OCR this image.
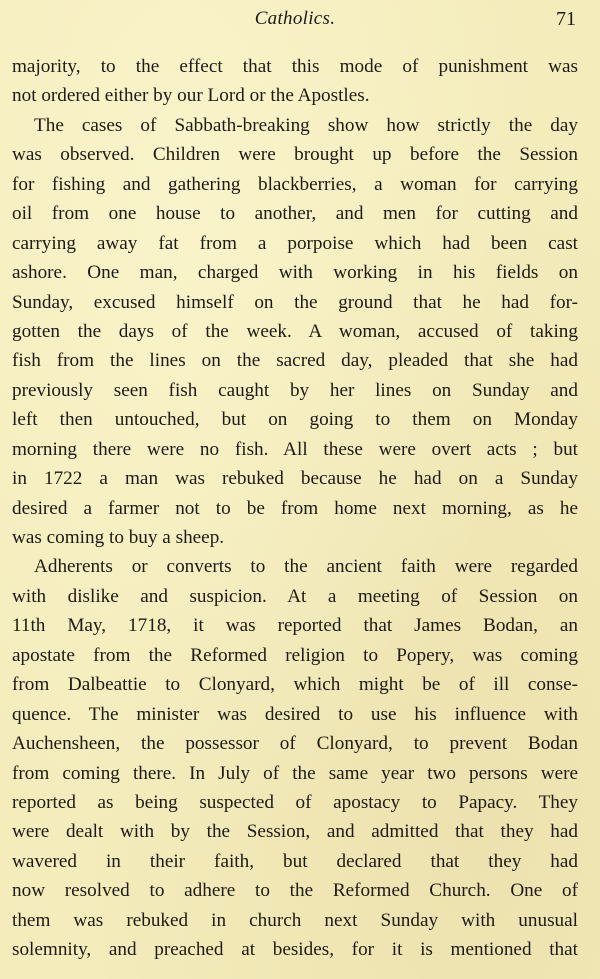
Catholics.	71
majority, to the effect that this mode of punishment was
not ordered either by our Lord or the Apostles.
The cases of Sabbath-breaking show how strictly the day
was observed. Children were brought up before the Session
for fishing and gathering blackberries, a woman for carrying
oil from one house to another, and men for cutting and
carrying away fat from a porpoise which had been cast
ashore. One man, charged with working in his fields on
Sunday, excused himself on the ground that he had for-
gotten the days of the week. A woman, accused of taking
fish from the lines on the sacred day, pleaded that she had
previously seen fish caught by her lines on Sunday and
left then untouched, but on going to them on Monday
morning there were no fish. All these were overt acts ; but
in 1722 a man was rebuked because he had on a Sunday
desired a farmer not to be from home next morning, as he
was coming to buy a sheep.
Adherents or converts to the ancient faith were regarded
with dislike and suspicion. At a meeting of Session on
11th May, 1718, it was reported that James Bodan, an
apostate from the Reformed religion to Popery, was coming
from Dalbeattie to Clonyard, which might be of ill conse-
quence. The minister was desired to use his influence with
Auchensheen, the possessor of Clonyard, to prevent Bodan
from coming there. In July of the same year two persons were
reported as being suspected of apostacy to Papacy. They
were dealt with by the Session, and admitted that they had
wavered in their faith, but declared that they had
now resolved to adhere to the Reformed Church. One of
them was rebuked in church next Sunday with unusual
solemnity, and preached at besides, for it is mentioned that
